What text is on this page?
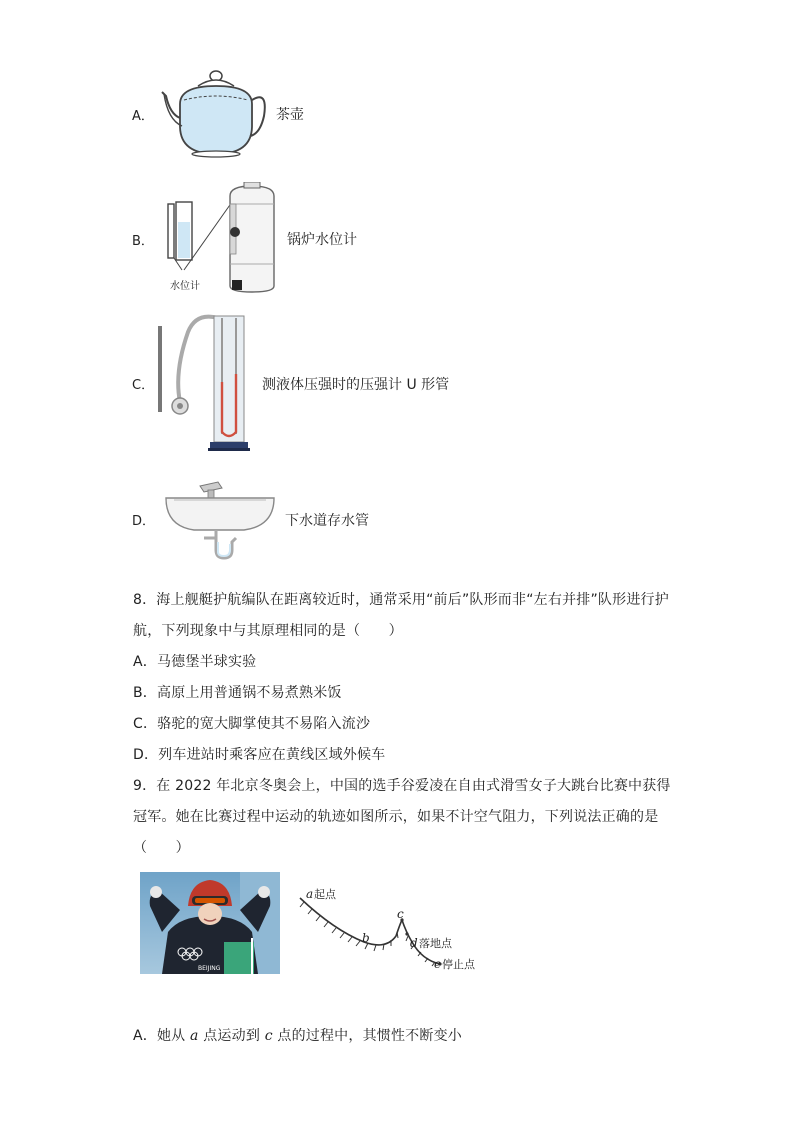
A．	茶壶
B．
水位计
锅炉水位计
C．	测液体压强时的压强计 U 形管
D．	下水道存水管
8．海上舰艇护航编队在距离较近时，通常采用“前后”队形而非“左右并排”队形进行护
航，下列现象中与其原理相同的是（　　）
A．马德堡半球实验
B．高原上用普通锅不易煮熟米饭
C．骆驼的宽大脚掌使其不易陷入流沙
D．列车进站时乘客应在黄线区域外候车
9．在 2022 年北京冬奥会上，中国的选手谷爱凌在自由式滑雪女子大跳台比赛中获得
冠军。她在比赛过程中运动的轨迹如图所示，如果不计空气阻力，下列说法正确的是
（　　）
BEIJING
a 起点
b
c
d 落地点
e 停止点
A．她从 a 点运动到 c 点的过程中，其惯性不断变小
